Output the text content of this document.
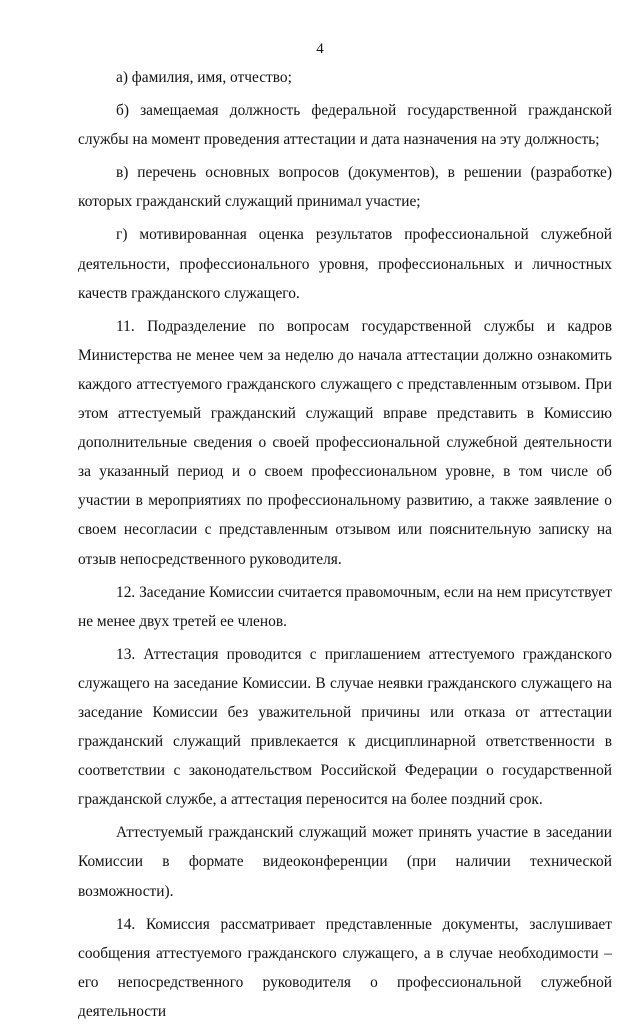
4

а) фамилия, имя, отчество;

б) замещаемая должность федеральной государственной гражданской службы на момент проведения аттестации и дата назначения на эту должность;

в) перечень основных вопросов (документов), в решении (разработке) которых гражданский служащий принимал участие;

г) мотивированная оценка результатов профессиональной служебной деятельности, профессионального уровня, профессиональных и личностных качеств гражданского служащего.

11. Подразделение по вопросам государственной службы и кадров Министерства не менее чем за неделю до начала аттестации должно ознакомить каждого аттестуемого гражданского служащего с представленным отзывом. При этом аттестуемый гражданский служащий вправе представить в Комиссию дополнительные сведения о своей профессиональной служебной деятельности за указанный период и о своем профессиональном уровне, в том числе об участии в мероприятиях по профессиональному развитию, а также заявление о своем несогласии с представленным отзывом или пояснительную записку на отзыв непосредственного руководителя.

12. Заседание Комиссии считается правомочным, если на нем присутствует не менее двух третей ее членов.

13. Аттестация проводится с приглашением аттестуемого гражданского служащего на заседание Комиссии. В случае неявки гражданского служащего на заседание Комиссии без уважительной причины или отказа от аттестации гражданский служащий привлекается к дисциплинарной ответственности в соответствии с законодательством Российской Федерации о государственной гражданской службе, а аттестация переносится на более поздний срок.

Аттестуемый гражданский служащий может принять участие в заседании Комиссии в формате видеоконференции (при наличии технической возможности).

14. Комиссия рассматривает представленные документы, заслушивает сообщения аттестуемого гражданского служащего, а в случае необходимости – его непосредственного руководителя о профессиональной служебной деятельности
